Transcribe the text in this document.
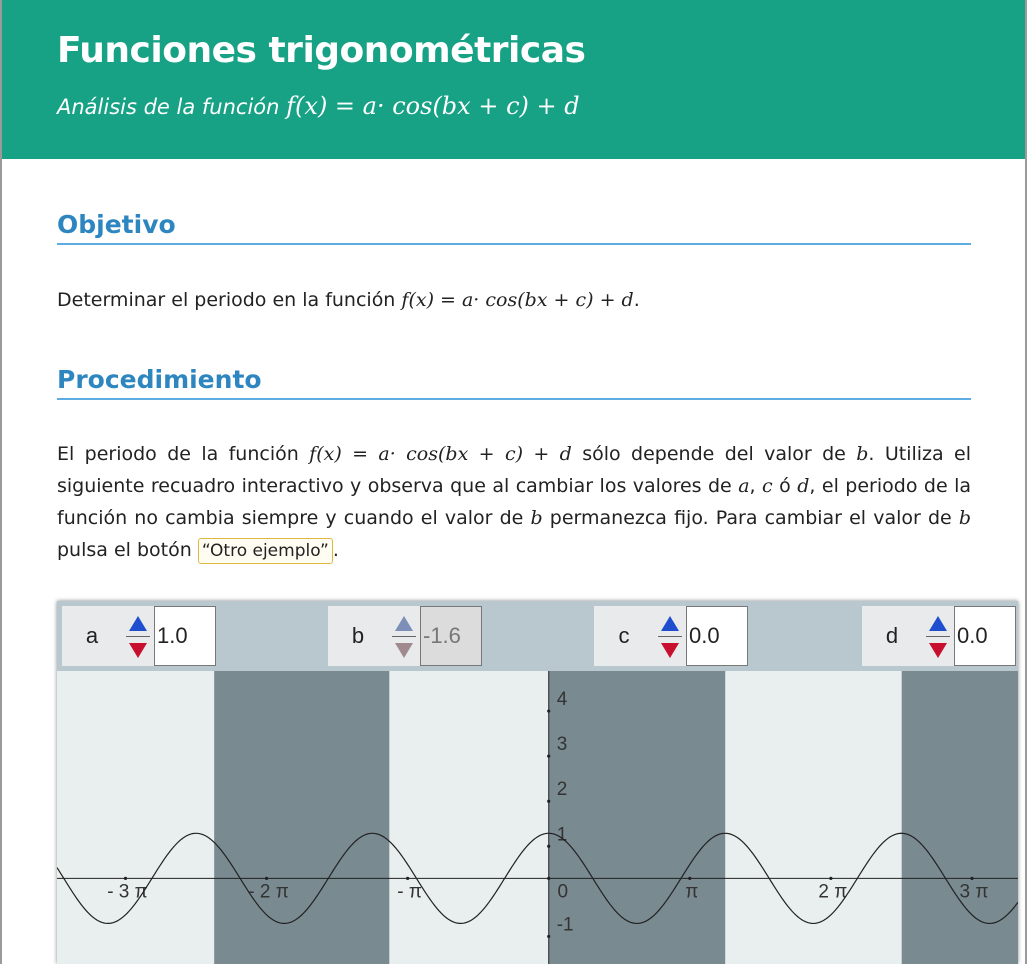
Funciones trigonométricas
Análisis de la función f(x) = a· cos(bx + c) + d
Objetivo
Determinar el periodo en la función f(x) = a· cos(bx + c) + d.
Procedimiento
El periodo de la función f(x) = a· cos(bx + c) + d sólo depende del valor de b. Utiliza el siguiente recuadro interactivo y observa que al cambiar los valores de a, c ó d, el periodo de la función no cambia siempre y cuando el valor de b permanezca fijo. Para cambiar el valor de b pulsa el botón “Otro ejemplo” .
a	1.0	b	-1.6	c	0.0	d	0.0
- 3 π	- 2 π	- π	0	π	2 π	3 π
-1
1
2
3
4
